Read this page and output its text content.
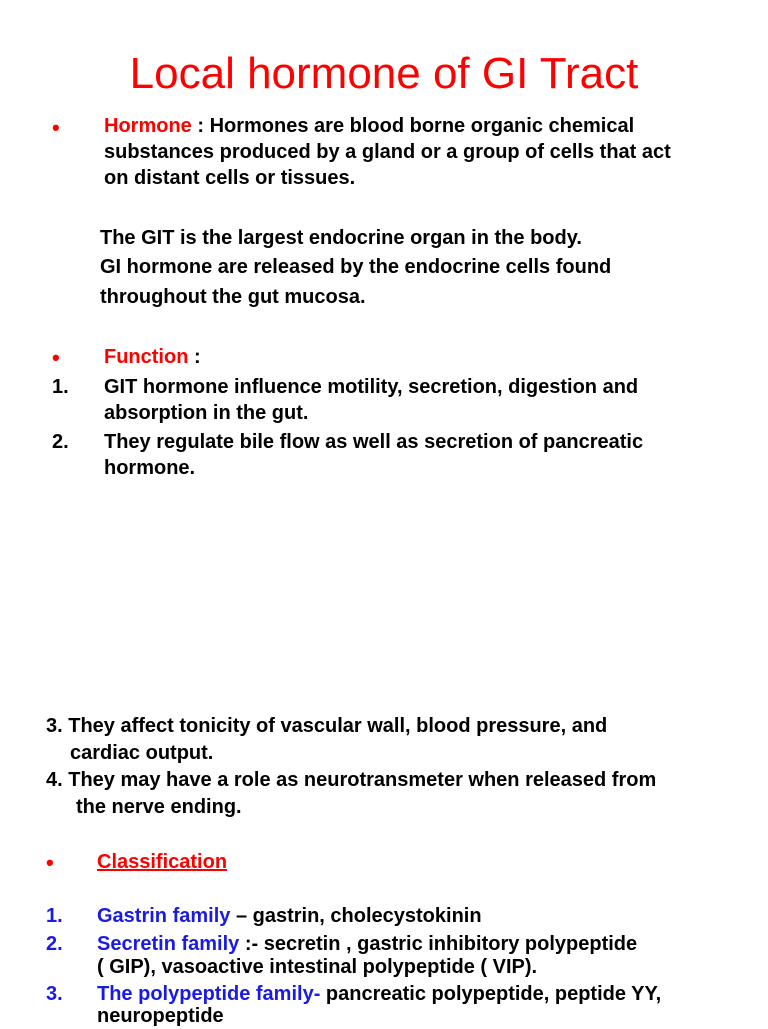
Local hormone of GI Tract
• Hormone : Hormones are blood borne organic chemical
substances produced by a gland or a group of cells that act
on distant cells or tissues.
The GIT is the largest endocrine organ in the body.
GI hormone are released by the endocrine cells found
throughout the gut mucosa.
• Function :
1. GIT hormone influence motility, secretion, digestion and
absorption in the gut.
2. They regulate bile flow as well as secretion of pancreatic
hormone.
3. They affect tonicity of vascular wall, blood pressure, and
cardiac output.
4. They may have a role as neurotransmeter when released from
the nerve ending.
• Classification
1. Gastrin family – gastrin, cholecystokinin
2. Secretin family :- secretin , gastric inhibitory polypeptide
( GIP), vasoactive intestinal polypeptide ( VIP).
3. The polypeptide family- pancreatic polypeptide, peptide YY,
neuropeptide
